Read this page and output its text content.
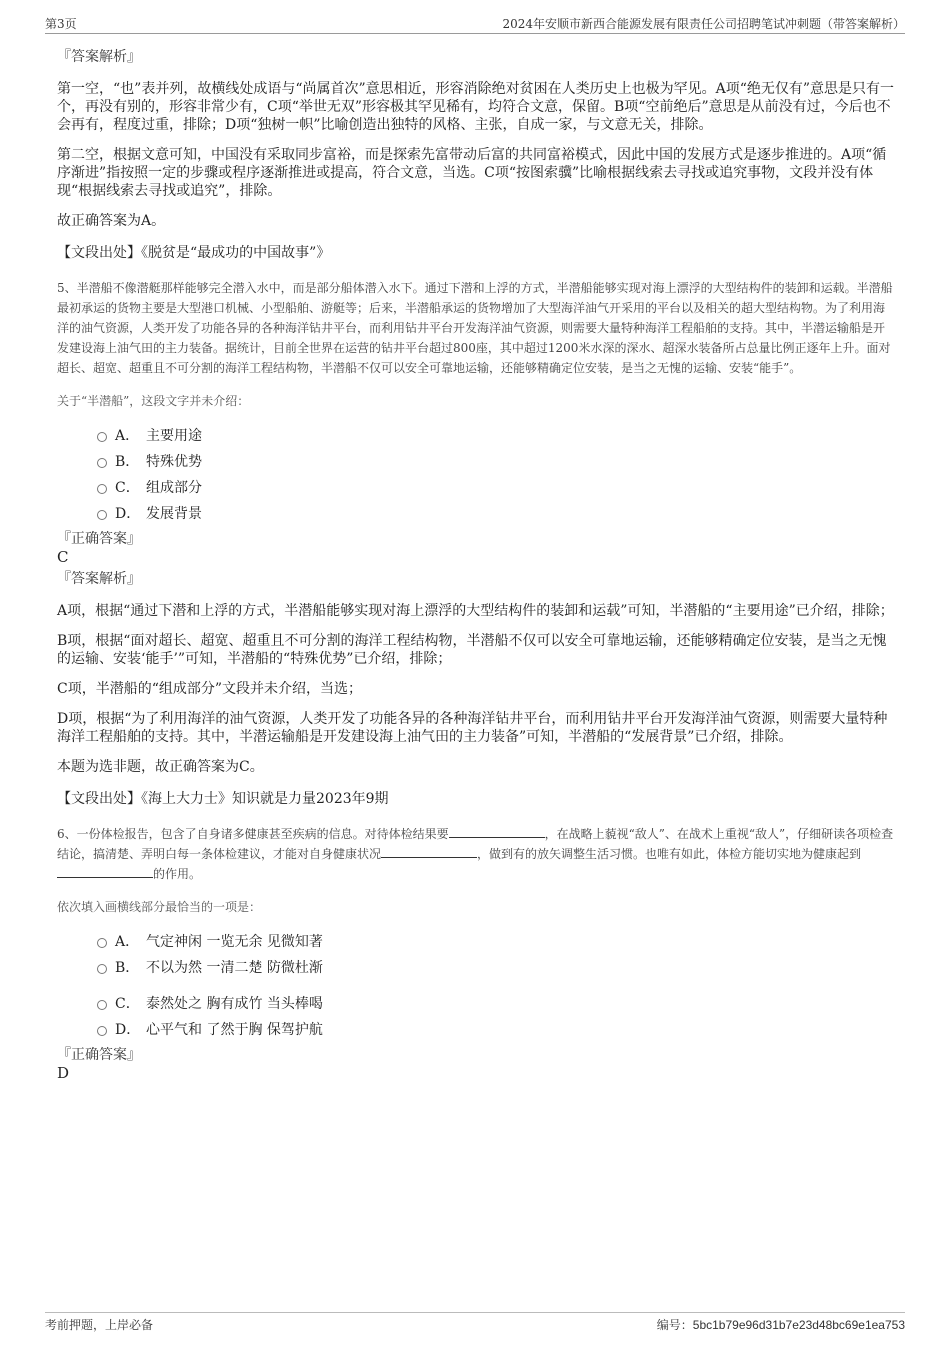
第3页	2024年安顺市新西合能源发展有限责任公司招聘笔试冲刺题（带答案解析）

『答案解析』

第一空，“也”表并列，故横线处成语与“尚属首次”意思相近，形容消除绝对贫困在人类历史上也极为罕见。A项“绝无仅有”意思是只有一个，再没有别的，形容非常少有，C项“举世无双”形容极其罕见稀有，均符合文意，保留。B项“空前绝后”意思是从前没有过，今后也不会再有，程度过重，排除；D项“独树一帜”比喻创造出独特的风格、主张，自成一家，与文意无关，排除。

第二空，根据文意可知，中国没有采取同步富裕，而是探索先富带动后富的共同富裕模式，因此中国的发展方式是逐步推进的。A项“循序渐进”指按照一定的步骤或程序逐渐推进或提高，符合文意，当选。C项“按图索骥”比喻根据线索去寻找或追究事物，文段并没有体现“根据线索去寻找或追究”，排除。

故正确答案为A。

【文段出处】《脱贫是“最成功的中国故事”》

5、半潜船不像潜艇那样能够完全潜入水中，而是部分船体潜入水下。通过下潜和上浮的方式，半潜船能够实现对海上漂浮的大型结构件的装卸和运载。半潜船最初承运的货物主要是大型港口机械、小型船舶、游艇等；后来，半潜船承运的货物增加了大型海洋油气开采用的平台以及相关的超大型结构物。为了利用海洋的油气资源，人类开发了功能各异的各种海洋钻井平台，而利用钻井平台开发海洋油气资源，则需要大量特种海洋工程船舶的支持。其中，半潜运输船是开发建设海上油气田的主力装备。据统计，目前全世界在运营的钻井平台超过800座，其中超过1200米水深的深水、超深水装备所占总量比例正逐年上升。面对超长、超宽、超重且不可分割的海洋工程结构物，半潜船不仅可以安全可靠地运输，还能够精确定位安装，是当之无愧的运输、安装“能手”。

关于“半潜船”，这段文字并未介绍：

A． 主要用途
B． 特殊优势
C． 组成部分
D． 发展背景

『正确答案』

C

『答案解析』

A项，根据“通过下潜和上浮的方式，半潜船能够实现对海上漂浮的大型结构件的装卸和运载”可知，半潜船的“主要用途”已介绍，排除；

B项，根据“面对超长、超宽、超重且不可分割的海洋工程结构物，半潜船不仅可以安全可靠地运输，还能够精确定位安装，是当之无愧的运输、安装‘能手’”可知，半潜船的“特殊优势”已介绍，排除；

C项，半潜船的“组成部分”文段并未介绍，当选；

D项，根据“为了利用海洋的油气资源，人类开发了功能各异的各种海洋钻井平台，而利用钻井平台开发海洋油气资源，则需要大量特种海洋工程船舶的支持。其中，半潜运输船是开发建设海上油气田的主力装备”可知，半潜船的“发展背景”已介绍，排除。

本题为选非题，故正确答案为C。

【文段出处】《海上大力士》知识就是力量2023年9期

6、一份体检报告，包含了自身诸多健康甚至疾病的信息。对待体检结果要	，在战略上藐视“敌人”、在战术上重视“敌人”，仔细研读各项检查结论，搞清楚、弄明白每一条体检建议，才能对自身健康状况	，做到有的放矢调整生活习惯。也唯有如此，体检方能切实地为健康起到的作用。

依次填入画横线部分最恰当的一项是：

A． 气定神闲 一览无余 见微知著
B． 不以为然 一清二楚 防微杜渐
C． 泰然处之 胸有成竹 当头棒喝
D． 心平气和 了然于胸 保驾护航

『正确答案』

D

考前押题，上岸必备	编号：5bc1b79e96d31b7e23d48bc69e1ea753
